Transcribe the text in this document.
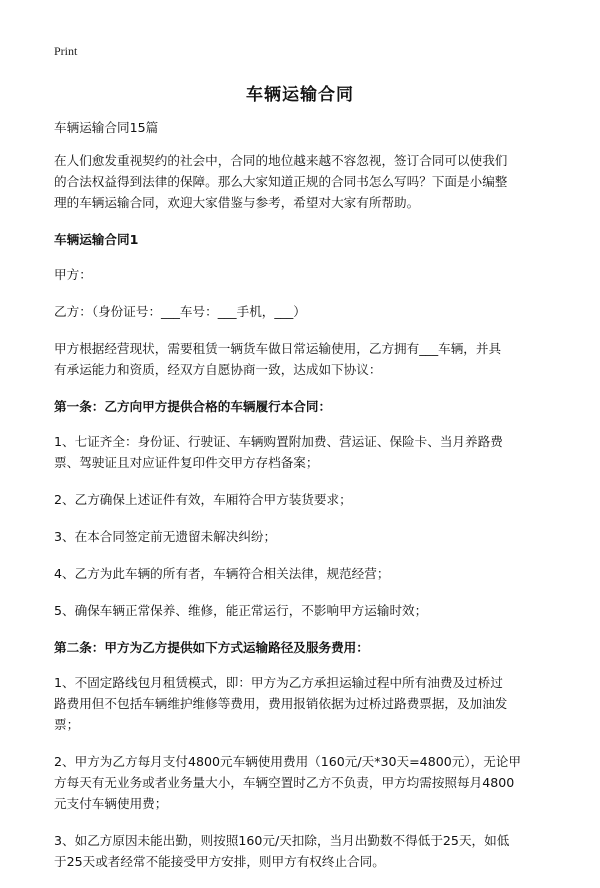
Print
车辆运输合同

车辆运输合同15篇

在人们愈发重视契约的社会中，合同的地位越来越不容忽视，签订合同可以使我们
的合法权益得到法律的保障。那么大家知道正规的合同书怎么写吗？下面是小编整
理的车辆运输合同，欢迎大家借鉴与参考，希望对大家有所帮助。

车辆运输合同1

甲方：

乙方：（身份证号：___车号：___手机，___）

甲方根据经营现状，需要租赁一辆货车做日常运输使用，乙方拥有___车辆，并具
有承运能力和资质，经双方自愿协商一致，达成如下协议：

第一条：乙方向甲方提供合格的车辆履行本合同：

1、七证齐全：身份证、行驶证、车辆购置附加费、营运证、保险卡、当月养路费
票、驾驶证且对应证件复印件交甲方存档备案；

2、乙方确保上述证件有效，车厢符合甲方装货要求；

3、在本合同签定前无遗留未解决纠纷；

4、乙方为此车辆的所有者，车辆符合相关法律，规范经营；

5、确保车辆正常保养、维修，能正常运行，不影响甲方运输时效；

第二条：甲方为乙方提供如下方式运输路径及服务费用：

1、不固定路线包月租赁模式，即：甲方为乙方承担运输过程中所有油费及过桥过
路费用但不包括车辆维护维修等费用，费用报销依据为过桥过路费票据，及加油发
票；

2、甲方为乙方每月支付4800元车辆使用费用（160元/天*30天=4800元），无论甲
方每天有无业务或者业务量大小，车辆空置时乙方不负责，甲方均需按照每月4800
元支付车辆使用费；

3、如乙方原因未能出勤，则按照160元/天扣除，当月出勤数不得低于25天，如低
于25天或者经常不能接受甲方安排，则甲方有权终止合同。
